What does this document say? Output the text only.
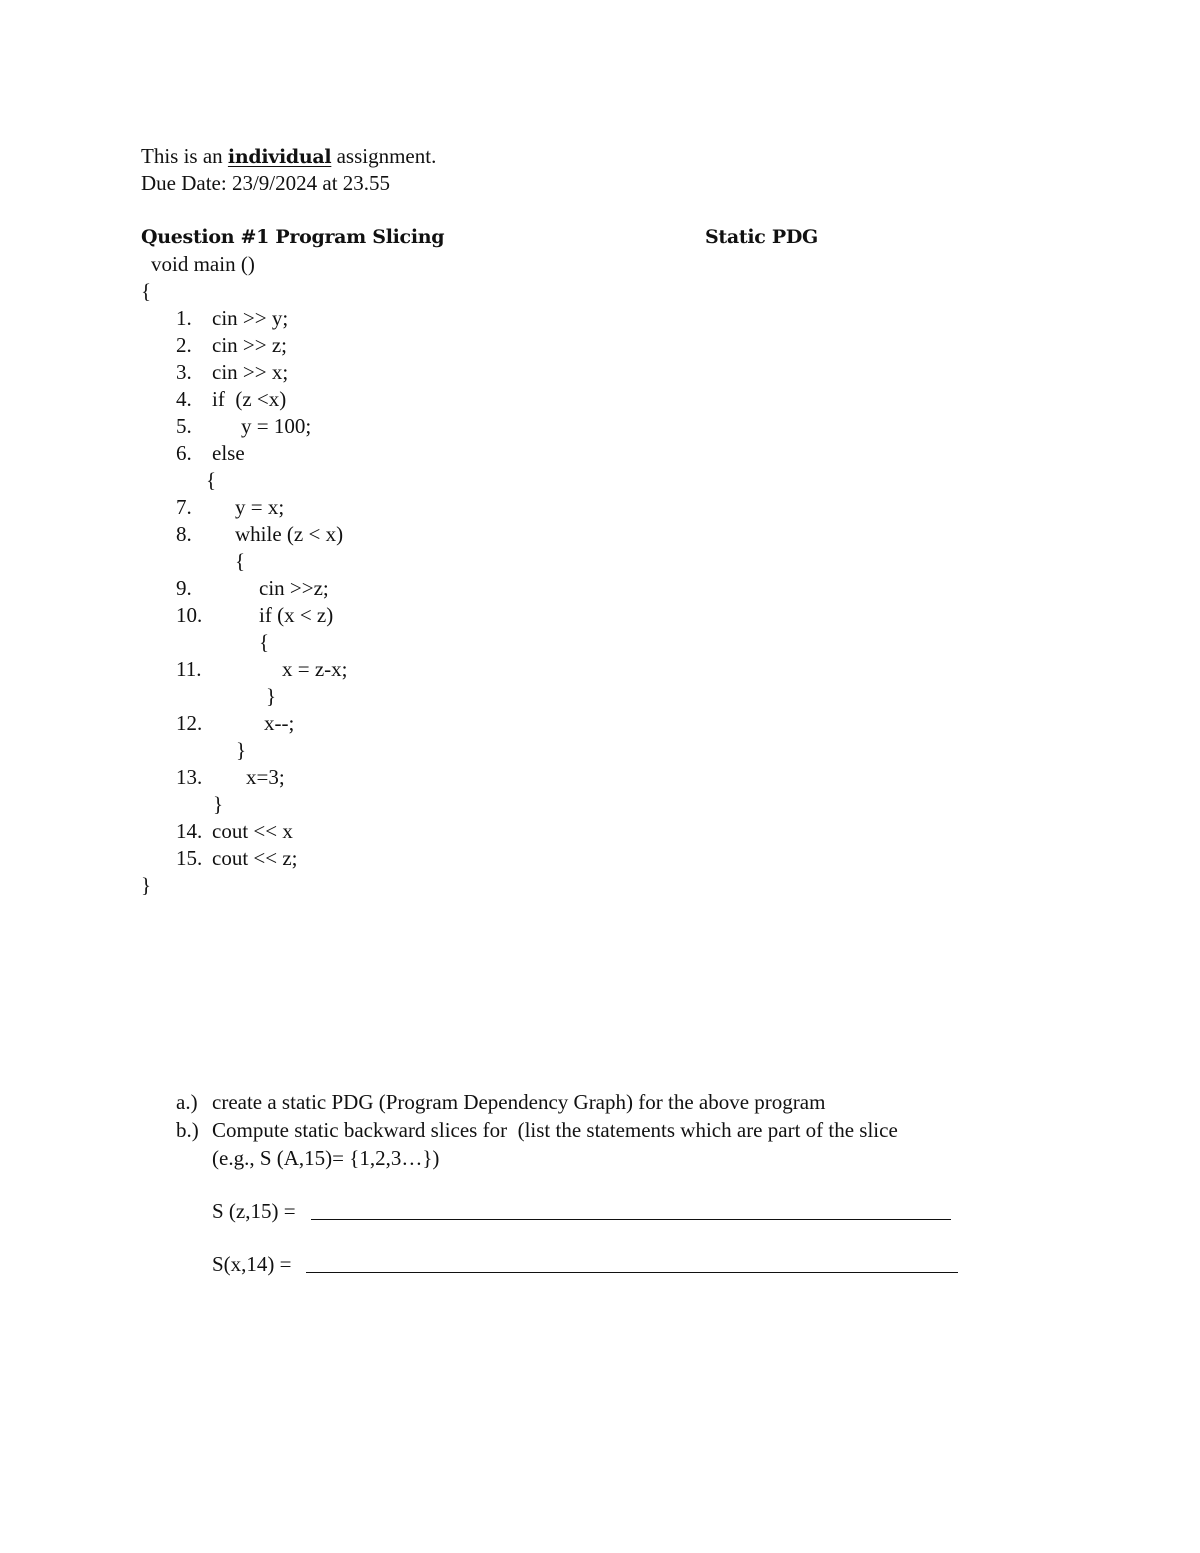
This is an individual assignment.
Due Date: 23/9/2024 at 23.55
Question #1 Program Slicing	Static PDG
void main ()
{
1. cin >> y;
2. cin >> z;
3. cin >> x;
4. if  (z <x)
5. y = 100;
6. else
{
7. y = x;
8. while (z < x)
{
9.	cin >>z;
10.	if (x < z)
{
11.	x = z-x;
}
12.	x--;
}
13. x=3;
}
14. cout << x
15. cout << z;
}
a.) create a static PDG (Program Dependency Graph) for the above program
b.) Compute static backward slices for  (list the statements which are part of the slice
(e.g., S (A,15)= {1,2,3…})
S (z,15) =
S(x,14) =
